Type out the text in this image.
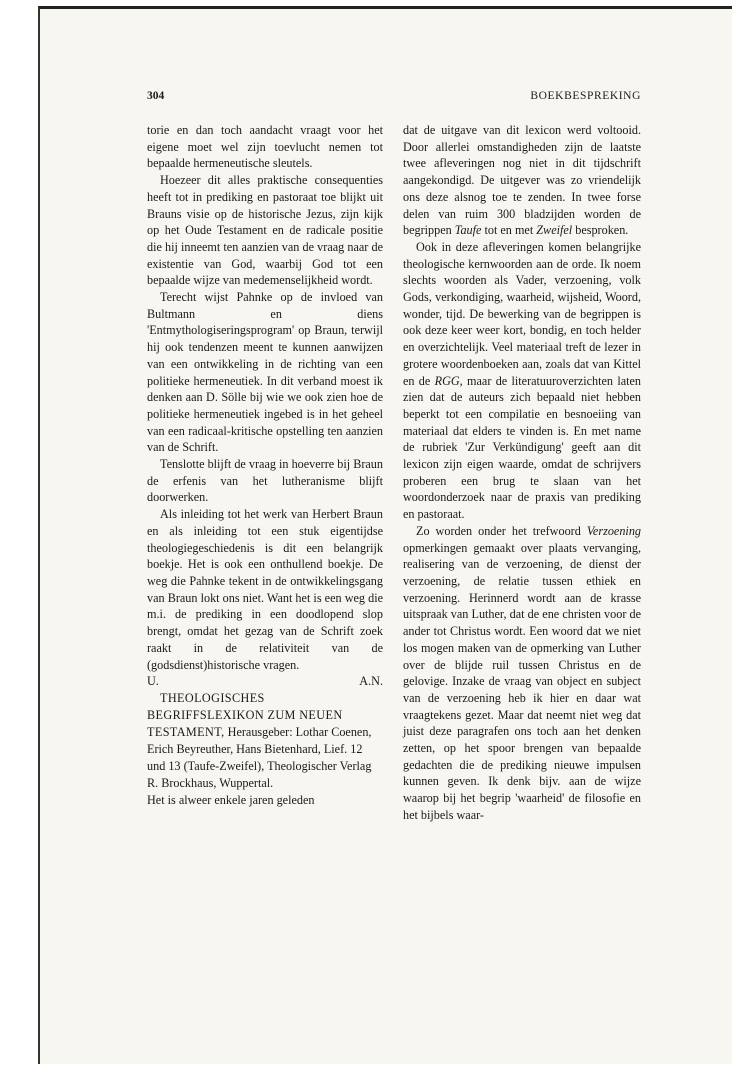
304	BOEKBESPREKING

torie en dan toch aandacht vraagt voor het eigene moet wel zijn toevlucht nemen tot bepaalde hermeneutische sleutels.

Hoezeer dit alles praktische consequenties heeft tot in prediking en pastoraat toe blijkt uit Brauns visie op de historische Jezus, zijn kijk op het Oude Testament en de radicale positie die hij inneemt ten aanzien van de vraag naar de existentie van God, waarbij God tot een bepaalde wijze van medemenselijkheid wordt.

Terecht wijst Pahnke op de invloed van Bultmann en diens 'Entmythologiseringsprogram' op Braun, terwijl hij ook tendenzen meent te kunnen aanwijzen van een ontwikkeling in de richting van een politieke hermeneutiek. In dit verband moest ik denken aan D. Sölle bij wie we ook zien hoe de politieke hermeneutiek ingebed is in het geheel van een radicaal-kritische opstelling ten aanzien van de Schrift.

Tenslotte blijft de vraag in hoeverre bij Braun de erfenis van het lutheranisme blijft doorwerken.

Als inleiding tot het werk van Herbert Braun en als inleiding tot een stuk eigentijdse theologiegeschiedenis is dit een belangrijk boekje. Het is ook een onthullend boekje. De weg die Pahnke tekent in de ontwikkelingsgang van Braun lokt ons niet. Want het is een weg die m.i. de prediking in een doodlopend slop brengt, omdat het gezag van de Schrift zoek raakt in de relativiteit van de (godsdienst)historische vragen.

U.	A.N.

THEOLOGISCHES BEGRIFFSLEXIKON ZUM NEUEN TESTAMENT, Herausgeber: Lothar Coenen, Erich Beyreuther, Hans Bietenhard, Lief. 12 und 13 (Taufe-Zweifel), Theologischer Verlag R. Brockhaus, Wuppertal.

Het is alweer enkele jaren geleden

dat de uitgave van dit lexicon werd voltooid. Door allerlei omstandigheden zijn de laatste twee afleveringen nog niet in dit tijdschrift aangekondigd. De uitgever was zo vriendelijk ons deze alsnog toe te zenden. In twee forse delen van ruim 300 bladzijden worden de begrippen Taufe tot en met Zweifel besproken.

Ook in deze afleveringen komen belangrijke theologische kernwoorden aan de orde. Ik noem slechts woorden als Vader, verzoening, volk Gods, verkondiging, waarheid, wijsheid, Woord, wonder, tijd. De bewerking van de begrippen is ook deze keer weer kort, bondig, en toch helder en overzichtelijk. Veel materiaal treft de lezer in grotere woordenboeken aan, zoals dat van Kittel en de RGG, maar de literatuuroverzichten laten zien dat de auteurs zich bepaald niet hebben beperkt tot een compilatie en besnoeiing van materiaal dat elders te vinden is. En met name de rubriek 'Zur Verkündigung' geeft aan dit lexicon zijn eigen waarde, omdat de schrijvers proberen een brug te slaan van het woordonderzoek naar de praxis van prediking en pastoraat.

Zo worden onder het trefwoord Verzoening opmerkingen gemaakt over plaats vervanging, realisering van de verzoening, de dienst der verzoening, de relatie tussen ethiek en verzoening. Herinnerd wordt aan de krasse uitspraak van Luther, dat de ene christen voor de ander tot Christus wordt. Een woord dat we niet los mogen maken van de opmerking van Luther over de blijde ruil tussen Christus en de gelovige. Inzake de vraag van object en subject van de verzoening heb ik hier en daar wat vraagtekens gezet. Maar dat neemt niet weg dat juist deze paragrafen ons toch aan het denken zetten, op het spoor brengen van bepaalde gedachten die de prediking nieuwe impulsen kunnen geven. Ik denk bijv. aan de wijze waarop bij het begrip 'waarheid' de filosofie en het bijbels waar-
